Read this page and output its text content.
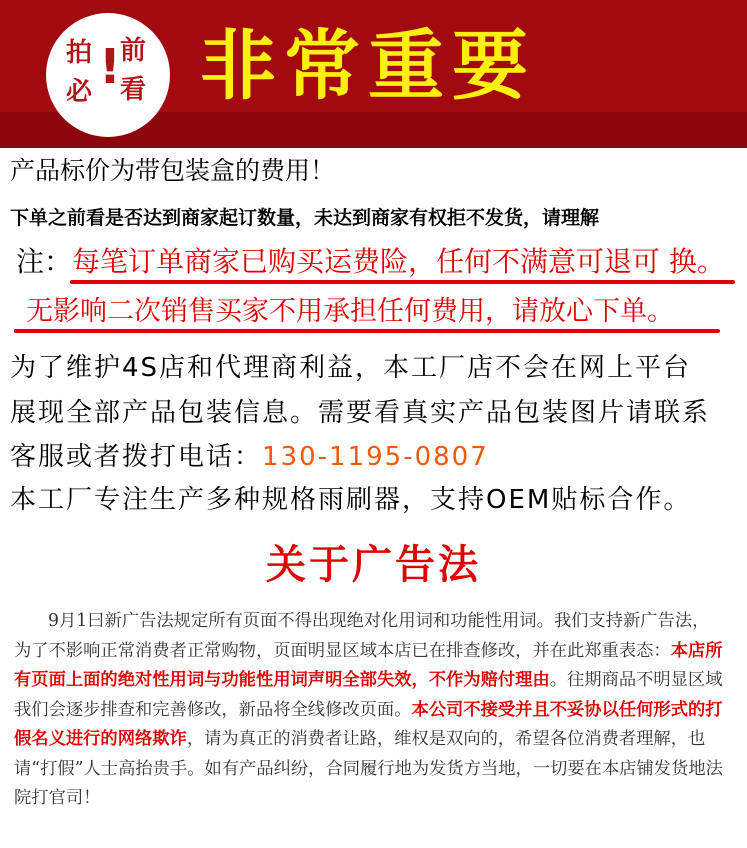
拍
必 ! 前
看 非常重要
产品标价为带包装盒的费用！
下单之前看是否达到商家起订数量，未达到商家有权拒不发货，请理解
注：每笔订单商家已购买运费险，任何不满意可退可 换。
无影响二次销售买家不用承担任何费用，请放心下单。
为了维护4S店和代理商利益，本工厂店不会在网上平台
展现全部产品包装信息。需要看真实产品包装图片请联系
客服或者拨打电话：130-1195-0807
本工厂专注生产多种规格雨刷器，支持OEM贴标合作。
关于广告法

9月1曰新广告法规定所有页面不得出现绝对化用词和功能性用词。我们支持新广告法，为了不影响正常消费者正常购物，页面明显区域本店已在排查修改，并在此郑重表态：本店所有页面上面的绝对性用词与功能性用词声明全部失效，不作为赔付理由。往期商品不明显区域我们会逐步排查和完善修改，新品将全线修改页面。本公司不接受并且不妥协以任何形式的打假名义进行的网络欺诈，请为真正的消费者让路，维权是双向的，希望各位消费者理解，也请“打假”人士高抬贵手。如有产品纠纷，合同履行地为发货方当地，一切要在本店铺发货地法院打官司！
